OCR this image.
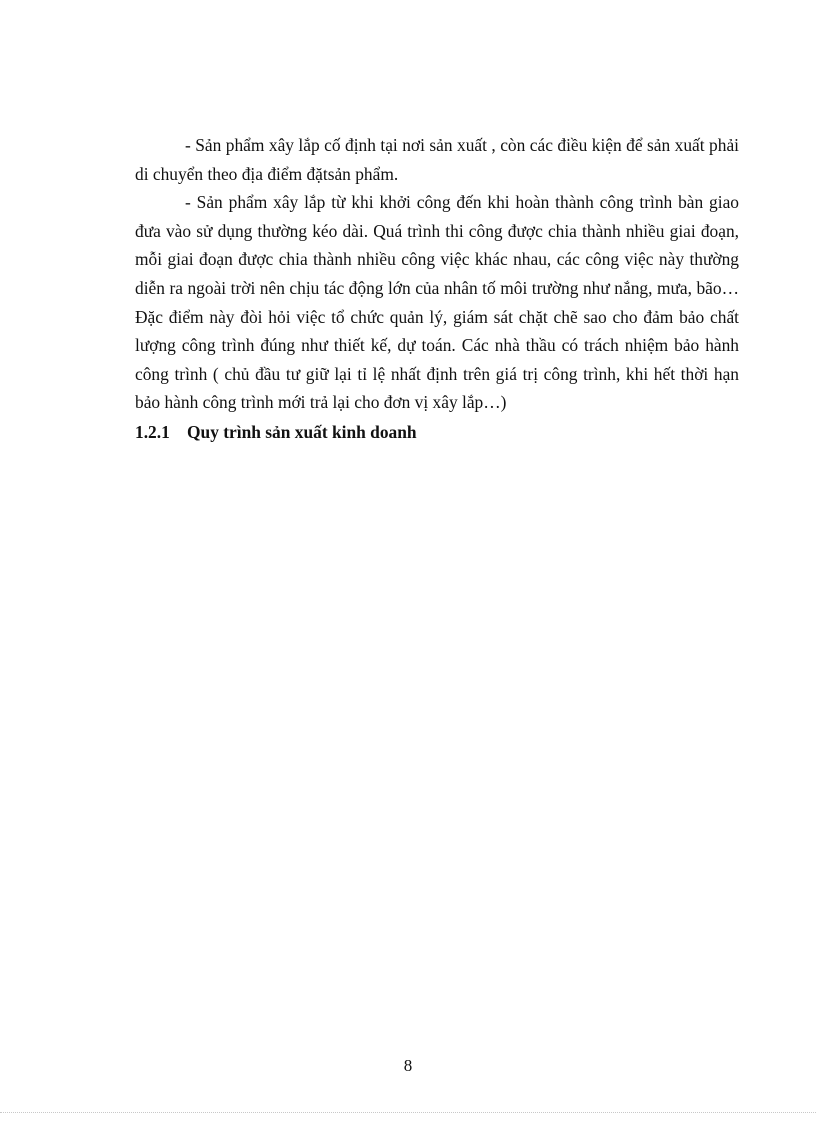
- Sản phẩm xây lắp cố định tại nơi sản xuất , còn các điều kiện để sản xuất phải di chuyển theo địa điểm đặtsản phẩm.

- Sản phẩm xây lắp từ khi khởi công đến khi hoàn thành công trình bàn giao đưa vào sử dụng thường kéo dài. Quá trình thi công được chia thành nhiều giai đoạn, mỗi giai đoạn được chia thành nhiều công việc khác nhau, các công việc này thường diễn ra ngoài trời nên chịu tác động lớn của nhân tố môi trường như nắng, mưa, bão…Đặc điểm này đòi hỏi việc tổ chức quản lý, giám sát chặt chẽ sao cho đảm bảo chất lượng công trình đúng như thiết kế, dự toán. Các nhà thầu có trách nhiệm bảo hành công trình ( chủ đầu tư giữ lại tỉ lệ nhất định trên giá trị công trình, khi hết thời hạn bảo hành công trình mới trả lại cho đơn vị xây lắp…)

1.2.1 Quy trình sản xuất kinh doanh
8
